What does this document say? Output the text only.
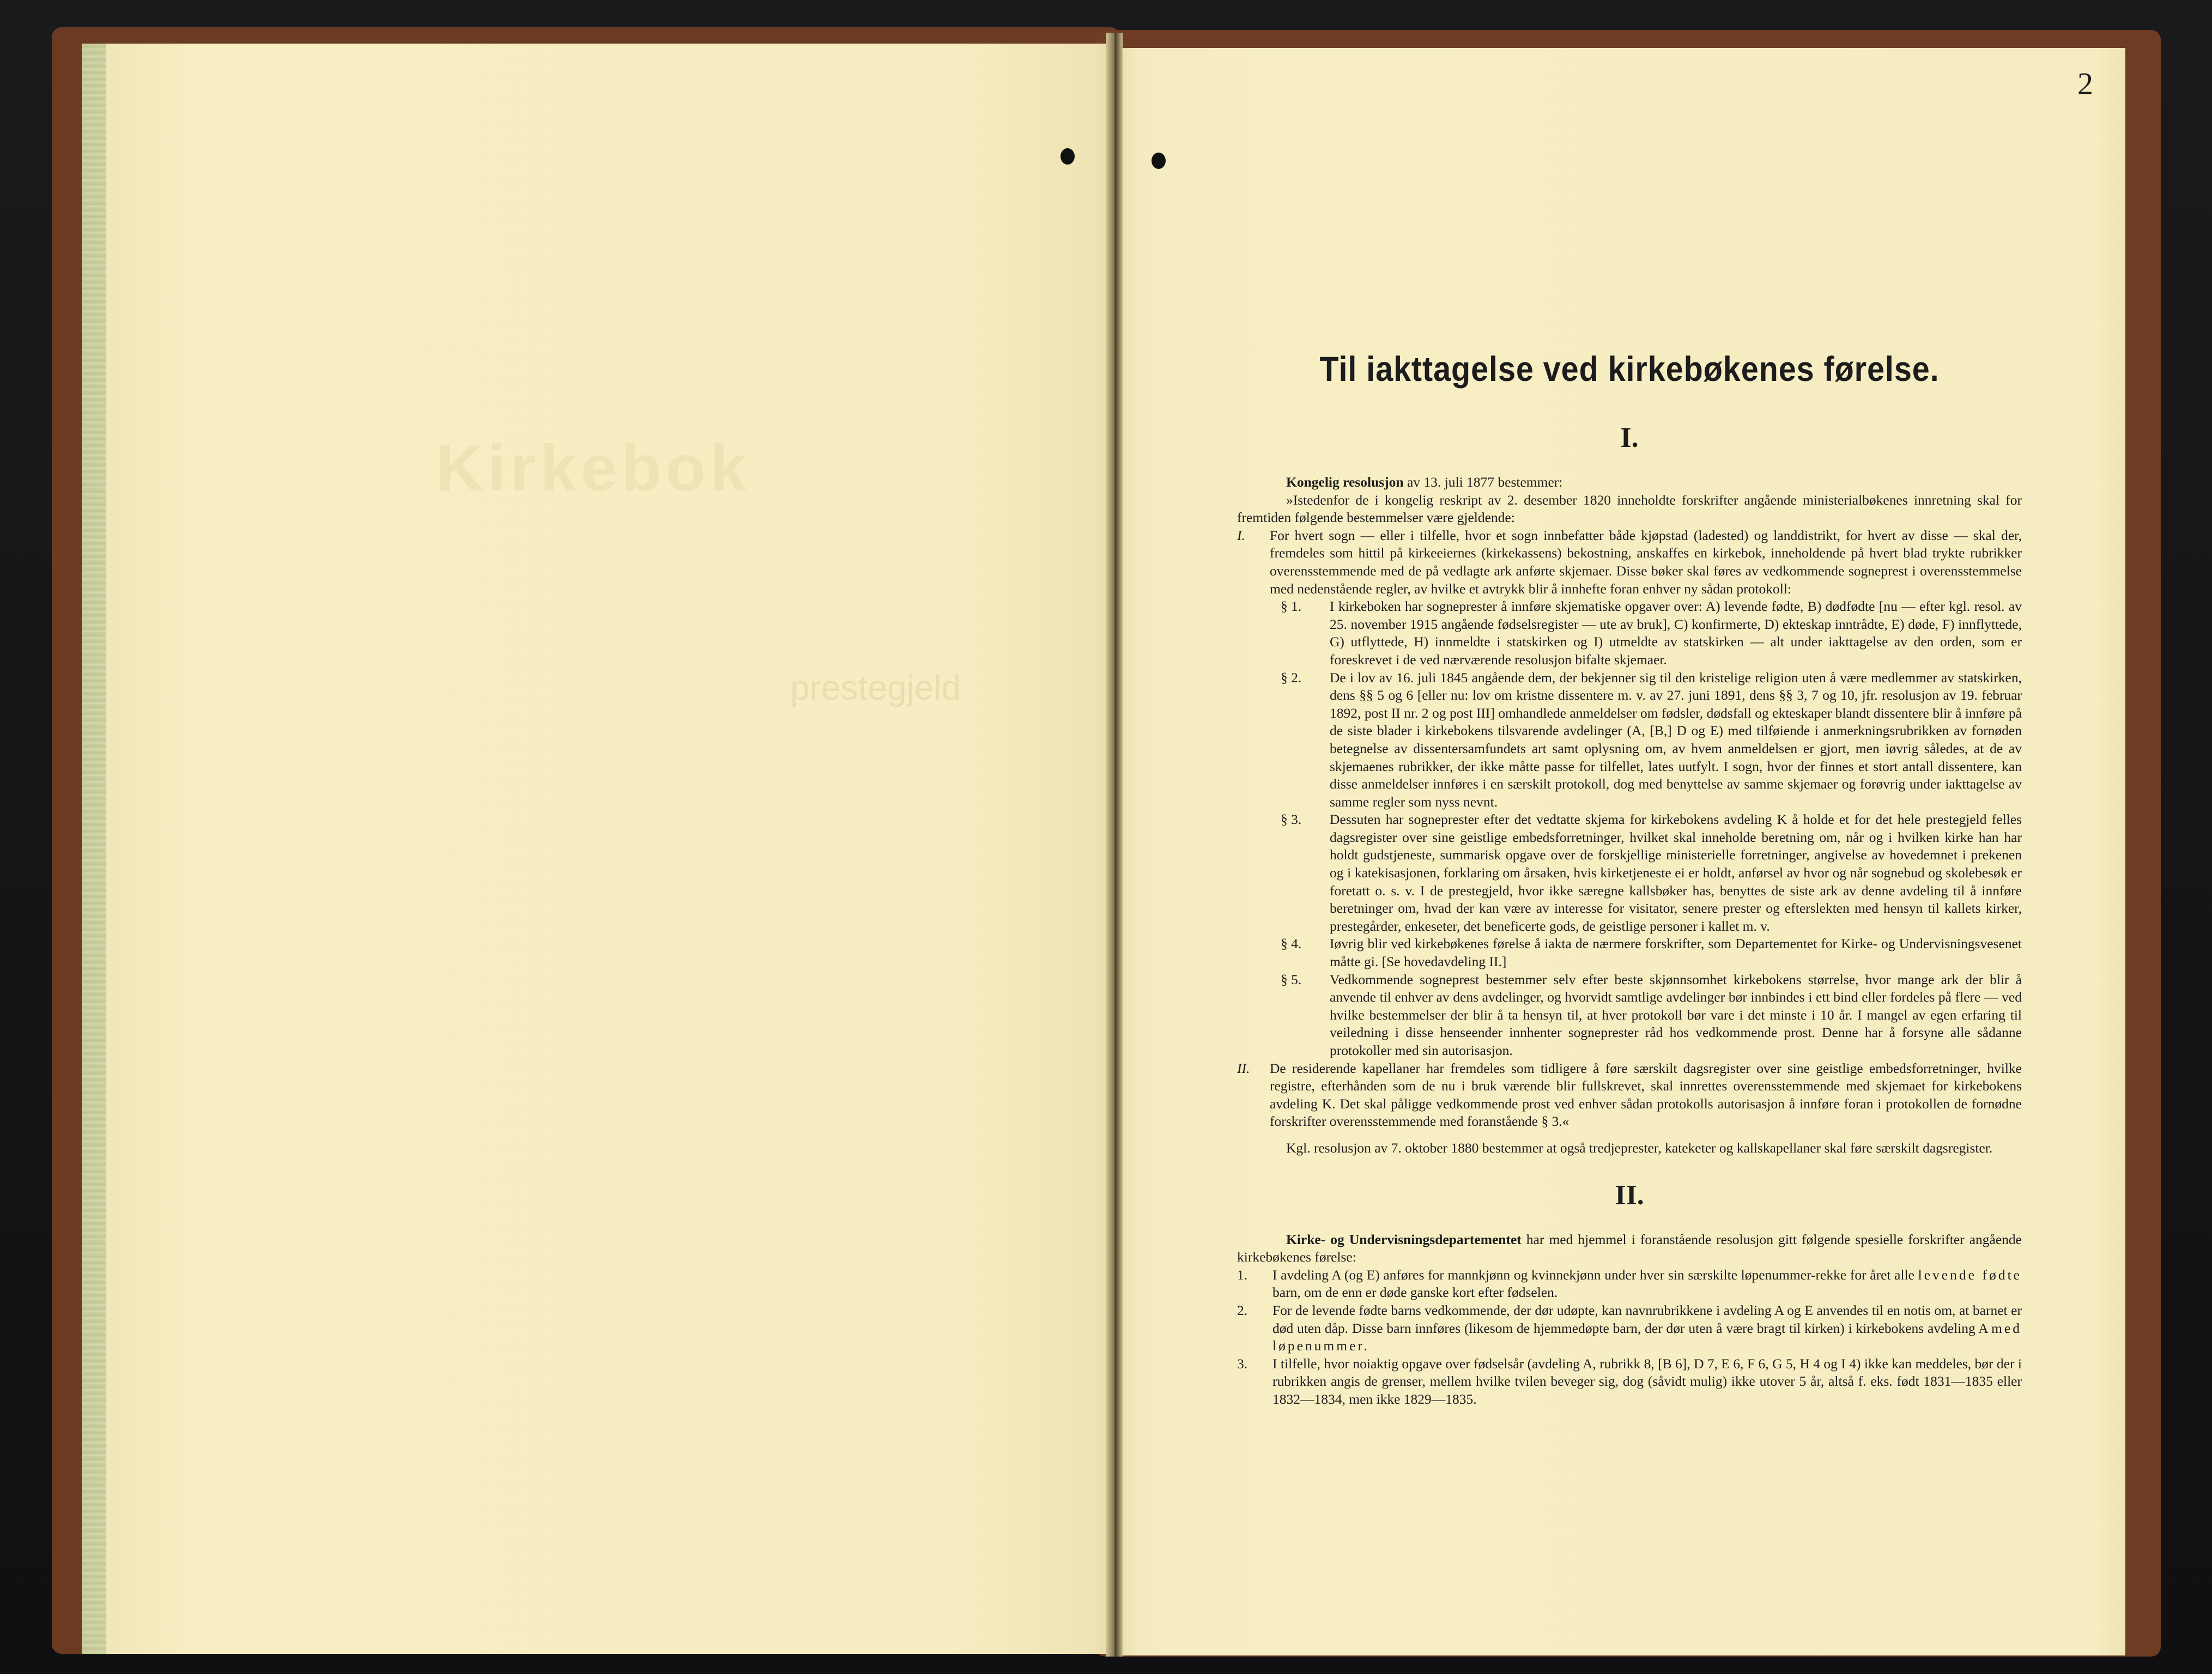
Kirkebok
prestegjeld
2
Til iakttagelse ved kirkebøkenes førelse.
I.

Kongelig resolusjon av 13. juli 1877 bestemmer:

»Istedenfor de i kongelig reskript av 2. desember 1820 inneholdte forskrifter angående ministerialbøkenes innretning skal for fremtiden følgende bestemmelser være gjeldende:

I. For hvert sogn — eller i tilfelle, hvor et sogn innbefatter både kjøpstad (ladested) og landdistrikt, for hvert av disse — skal der, fremdeles som hittil på kirkeeiernes (kirkekassens) bekostning, anskaffes en kirkebok, inneholdende på hvert blad trykte rubrikker overensstemmende med de på vedlagte ark anførte skjemaer. Disse bøker skal føres av vedkommende sogneprest i overensstemmelse med nedenstående regler, av hvilke et avtrykk blir å innhefte foran enhver ny sådan protokoll:

§ 1. I kirkeboken har sogneprester å innføre skjematiske opgaver over: A) levende fødte, B) dødfødte [nu — efter kgl. resol. av 25. november 1915 angående fødselsregister — ute av bruk], C) konfirmerte, D) ekteskap inntrådte, E) døde, F) innflyttede, G) utflyttede, H) innmeldte i statskirken og I) utmeldte av statskirken — alt under iakttagelse av den orden, som er foreskrevet i de ved nærværende resolusjon bifalte skjemaer.

§ 2. De i lov av 16. juli 1845 angående dem, der bekjenner sig til den kristelige religion uten å være medlemmer av statskirken, dens §§ 5 og 6 [eller nu: lov om kristne dissentere m. v. av 27. juni 1891, dens §§ 3, 7 og 10, jfr. resolusjon av 19. februar 1892, post II nr. 2 og post III] omhandlede anmeldelser om fødsler, dødsfall og ekteskaper blandt dissentere blir å innføre på de siste blader i kirkebokens tilsvarende avdelinger (A, [B,] D og E) med tilføiende i anmerkningsrubrikken av fornøden betegnelse av dissentersamfundets art samt oplysning om, av hvem anmeldelsen er gjort, men iøvrig således, at de av skjemaenes rubrikker, der ikke måtte passe for tilfellet, lates uutfylt. I sogn, hvor der finnes et stort antall dissentere, kan disse anmeldelser innføres i en særskilt protokoll, dog med benyttelse av samme skjemaer og forøvrig under iakttagelse av samme regler som nyss nevnt.

§ 3. Dessuten har sogneprester efter det vedtatte skjema for kirkebokens avdeling K å holde et for det hele prestegjeld felles dagsregister over sine geistlige embedsforretninger, hvilket skal inneholde beretning om, når og i hvilken kirke han har holdt gudstjeneste, summarisk opgave over de forskjellige ministerielle forretninger, angivelse av hovedemnet i prekenen og i katekisasjonen, forklaring om årsaken, hvis kirketjeneste ei er holdt, anførsel av hvor og når sognebud og skolebesøk er foretatt o. s. v. I de prestegjeld, hvor ikke særegne kallsbøker has, benyttes de siste ark av denne avdeling til å innføre beretninger om, hvad der kan være av interesse for visitator, senere prester og efterslekten med hensyn til kallets kirker, prestegårder, enkeseter, det beneficerte gods, de geistlige personer i kallet m. v.

§ 4. Iøvrig blir ved kirkebøkenes førelse å iakta de nærmere forskrifter, som Departementet for Kirke- og Undervisningsvesenet måtte gi. [Se hovedavdeling II.]

§ 5. Vedkommende sogneprest bestemmer selv efter beste skjønnsomhet kirkebokens størrelse, hvor mange ark der blir å anvende til enhver av dens avdelinger, og hvorvidt samtlige avdelinger bør innbindes i ett bind eller fordeles på flere — ved hvilke bestemmelser der blir å ta hensyn til, at hver protokoll bør vare i det minste i 10 år. I mangel av egen erfaring til veiledning i disse henseender innhenter sogneprester råd hos vedkommende prost. Denne har å forsyne alle sådanne protokoller med sin autorisasjon.

II. De residerende kapellaner har fremdeles som tidligere å føre særskilt dagsregister over sine geistlige embedsforretninger, hvilke registre, efterhånden som de nu i bruk værende blir fullskrevet, skal innrettes overensstemmende med skjemaet for kirkebokens avdeling K. Det skal påligge vedkommende prost ved enhver sådan protokolls autorisasjon å innføre foran i protokollen de fornødne forskrifter overensstemmende med foranstående § 3.«

Kgl. resolusjon av 7. oktober 1880 bestemmer at også tredjeprester, kateketer og kallskapellaner skal føre særskilt dagsregister.

II.

Kirke- og Undervisningsdepartementet har med hjemmel i foranstående resolusjon gitt følgende spesielle forskrifter angående kirkebøkenes førelse:

1. I avdeling A (og E) anføres for mannkjønn og kvinnekjønn under hver sin særskilte løpenummer-rekke for året alle levende fødte barn, om de enn er døde ganske kort efter fødselen.

2. For de levende fødte barns vedkommende, der dør udøpte, kan navnrubrikkene i avdeling A og E anvendes til en notis om, at barnet er død uten dåp. Disse barn innføres (likesom de hjemmedøpte barn, der dør uten å være bragt til kirken) i kirkebokens avdeling A med løpenummer.

3. I tilfelle, hvor noiaktig opgave over fødselsår (avdeling A, rubrikk 8, [B 6], D 7, E 6, F 6, G 5, H 4 og I 4) ikke kan meddeles, bør der i rubrikken angis de grenser, mellem hvilke tvilen beveger sig, dog (såvidt mulig) ikke utover 5 år, altså f. eks. født 1831—1835 eller 1832—1834, men ikke 1829—1835.
